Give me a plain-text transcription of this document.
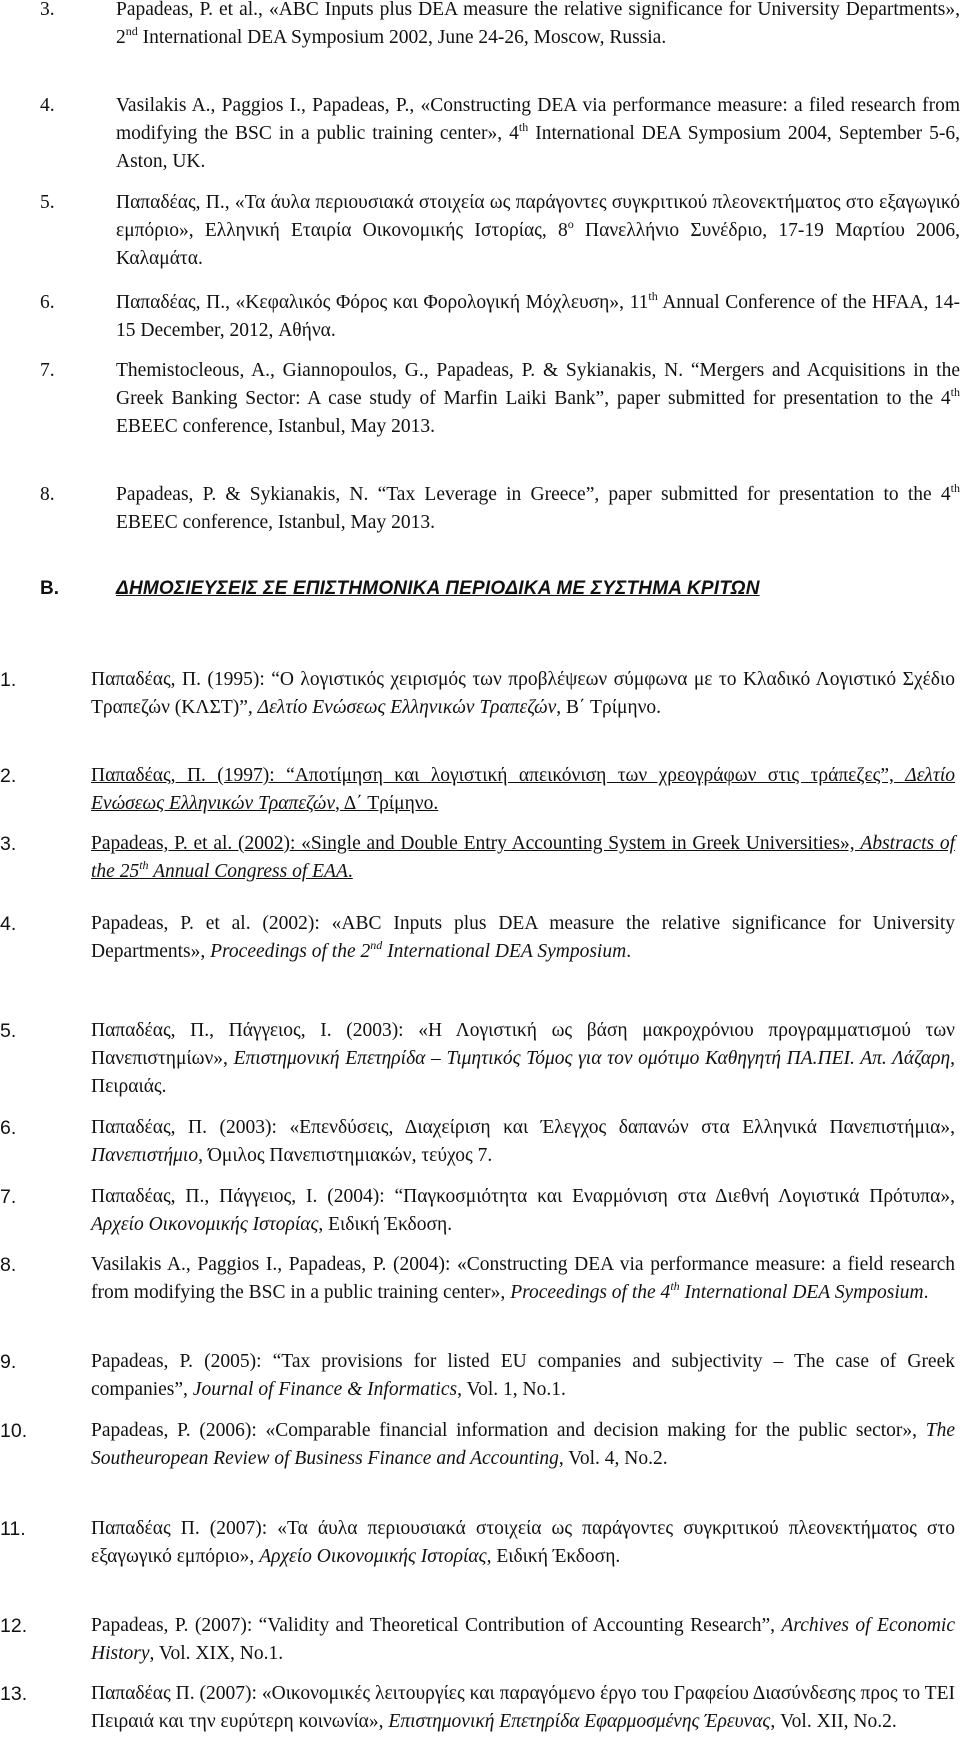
3.	Papadeas, P. et al., «ABC Inputs plus DEA measure the relative significance for University Departments», 2nd International DEA Symposium 2002, June 24-26, Moscow, Russia.
4.	Vasilakis A., Paggios I., Papadeas, P., «Constructing DEA via performance measure: a filed research from modifying the BSC in a public training center», 4th International DEA Symposium 2004, September 5-6, Aston, UK.
5.	Παπαδέας, Π., «Τα άυλα περιουσιακά στοιχεία ως παράγοντες συγκριτικού πλεονεκτήματος στο εξαγωγικό εμπόριο», Ελληνική Εταιρία Οικονομικής Ιστορίας, $8^o$ Πανελλήνιο Συνέδριο, 17-19 Μαρτίου 2006, Καλαμάτα.
6.	Παπαδέας, Π., «Κεφαλικός Φόρος και Φορολογική Μόχλευση», 11th Annual Conference of the HFAA, 14-15 December, 2012, Αθήνα.
7.	Themistocleous, A., Giannopoulos, G., Papadeas, P. & Sykianakis, N. “Mergers and Acquisitions in the Greek Banking Sector: A case study of Marfin Laiki Bank”, paper submitted for presentation to the 4th EBEEC conference, Istanbul, May 2013.
8.	Papadeas, P. & Sykianakis, N. “Tax Leverage in Greece”, paper submitted for presentation to the 4th EBEEC conference, Istanbul, May 2013.
B.	ΔΗΜΟΣΙΕΥΣΕΙΣ ΣΕ ΕΠΙΣΤΗΜΟΝΙΚΑ ΠΕΡΙΟΔΙΚΑ ΜΕ ΣΥΣΤΗΜΑ ΚΡΙΤΩΝ
1.	Παπαδέας, Π. (1995): “Ο λογιστικός χειρισμός των προβλέψεων σύμφωνα με το Κλαδικό Λογιστικό Σχέδιο Τραπεζών (ΚΛΣΤ)”, Δελτίο Ενώσεως Ελληνικών Τραπεζών, Β΄ Τρίμηνο.
2.	Παπαδέας, Π. (1997): “Αποτίμηση και λογιστική απεικόνιση των χρεογράφων στις τράπεζες”, Δελτίο Ενώσεως Ελληνικών Τραπεζών, Δ΄ Τρίμηνο.
3.	Papadeas, P. et al. (2002): «Single and Double Entry Accounting System in Greek Universities», Abstracts of the 25th Annual Congress of EAA.
4.	Papadeas, P. et al. (2002): «ABC Inputs plus DEA measure the relative significance for University Departments», Proceedings of the 2nd International DEA Symposium.
5.	Παπαδέας, Π., Πάγγειος, Ι. (2003): «Η Λογιστική ως βάση μακροχρόνιου προγραμματισμού των Πανεπιστημίων», Επιστημονική Επετηρίδα – Τιμητικός Τόμος για τον ομότιμο Καθηγητή ΠΑ.ΠΕΙ. Απ. Λάζαρη, Πειραιάς.
6.	Παπαδέας, Π. (2003): «Επενδύσεις, Διαχείριση και Έλεγχος δαπανών στα Ελληνικά Πανεπιστήμια», Πανεπιστήμιο, Όμιλος Πανεπιστημιακών, τεύχος 7.
7.	Παπαδέας, Π., Πάγγειος, Ι. (2004): “Παγκοσμιότητα και Εναρμόνιση στα Διεθνή Λογιστικά Πρότυπα», Αρχείο Οικονομικής Ιστορίας, Ειδική Έκδοση.
8.	Vasilakis A., Paggios I., Papadeas, P. (2004): «Constructing DEA via performance measure: a field research from modifying the BSC in a public training center», Proceedings of the 4th International DEA Symposium.
9.	Papadeas, P. (2005): “Tax provisions for listed EU companies and subjectivity – The case of Greek companies”, Journal of Finance & Informatics, Vol. 1, No.1.
10.	Papadeas, P. (2006): «Comparable financial information and decision making for the public sector», The Southeuropean Review of Business Finance and Accounting, Vol. 4, No.2.
11.	Παπαδέας Π. (2007): «Τα άυλα περιουσιακά στοιχεία ως παράγοντες συγκριτικού πλεονεκτήματος στο εξαγωγικό εμπόριο», Αρχείο Οικονομικής Ιστορίας, Ειδική Έκδοση.
12.	Papadeas, P. (2007): “Validity and Theoretical Contribution of Accounting Research”, Archives of Economic History, Vol. XIX, No.1.
13.	Παπαδέας Π. (2007): «Οικονομικές λειτουργίες και παραγόμενο έργο του Γραφείου Διασύνδεσης προς το ΤΕΙ Πειραιά και την ευρύτερη κοινωνία», Επιστημονική Επετηρίδα Εφαρμοσμένης Έρευνας, Vol. XII, No.2.
